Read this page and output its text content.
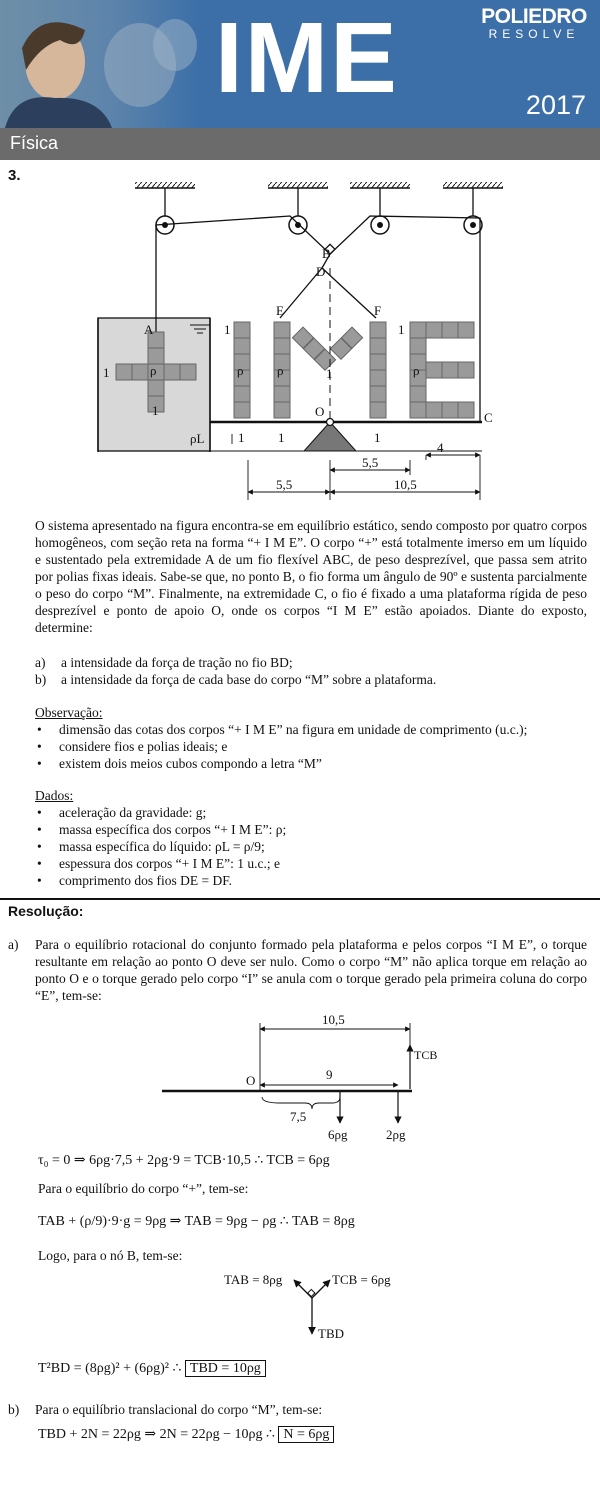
IME	POLIEDRO
RESOLVE
2017
Física
3.
A
B
D
E	F
O	C
ρ	ρ	ρ	ρ
ρL
1
1
1	1
1
1	1	1
5,5
5,5	10,5
4
O sistema apresentado na figura encontra-se em equilíbrio estático, sendo composto por quatro corpos homogêneos, com seção reta na forma “+ I M E”. O corpo “+” está totalmente imerso em um líquido e sustentado pela extremidade A de um fio flexível ABC, de peso desprezível, que passa sem atrito por polias fixas ideais. Sabe-se que, no ponto B, o fio forma um ângulo de 90º e sustenta parcialmente o peso do corpo “M”. Finalmente, na extremidade C, o fio é fixado a uma plataforma rígida de peso desprezível e ponto de apoio O, onde os corpos “I M E” estão apoiados. Diante do exposto, determine:
a) a intensidade da força de tração no fio BD;
b) a intensidade da força de cada base do corpo “M” sobre a plataforma.
Observação:
• dimensão das cotas dos corpos “+ I M E” na figura em unidade de comprimento (u.c.);
• considere fios e polias ideais; e
• existem dois meios cubos compondo a letra “M”
Dados:
• aceleração da gravidade: g;
• massa específica dos corpos “+ I M E”: ρ;
• massa específica do líquido: ρL = ρ/9;
• espessura dos corpos “+ I M E”: 1 u.c.; e
• comprimento dos fios DE = DF.
Resolução:
a) Para o equilíbrio rotacional do conjunto formado pela plataforma e pelos corpos “I M E”, o torque resultante em relação ao ponto O deve ser nulo. Como o corpo “M” não aplica torque em relação ao ponto O e o torque gerado pelo corpo “I” se anula com o torque gerado pela primeira coluna do corpo “E”, tem-se:
10,5
9
7,5
O
TCB
6ρg	2ρg
τ₀ = 0 ⇒ 6ρg·7,5 + 2ρg·9 = TCB·10,5 ∴ TCB = 6ρg
Para o equilíbrio do corpo “+”, tem-se:
TAB + (ρ/9)·9·g = 9ρg ⇒ TAB = 9ρg − ρg ∴ TAB = 8ρg
Logo, para o nó B, tem-se:
TAB = 8ρg	TCB = 6ρg
TBD
T²BD = (8ρg)² + (6ρg)² ∴ TBD = 10ρg
b) Para o equilíbrio translacional do corpo “M”, tem-se:
TBD + 2N = 22ρg ⇒ 2N = 22ρg − 10ρg ∴ N = 6ρg
